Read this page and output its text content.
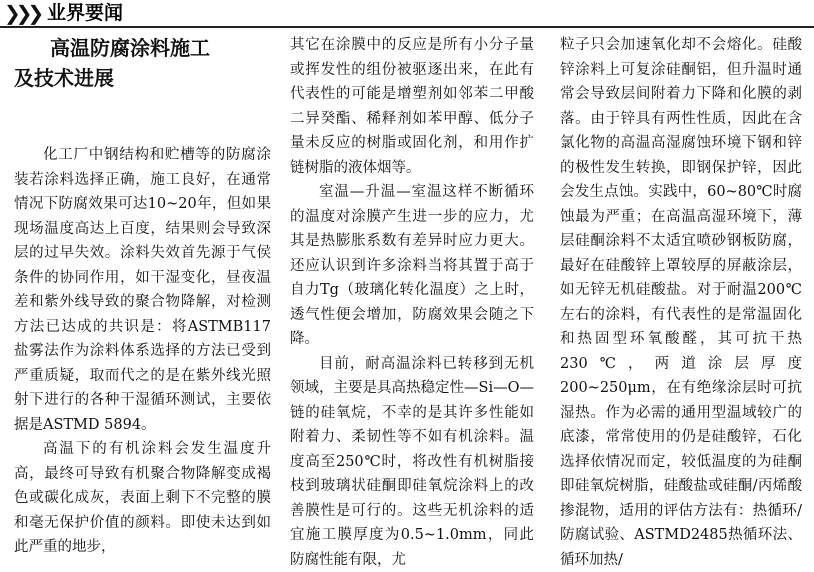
❯❯❯ 业界要闻
高温防腐涂料施工
及技术进展

化工厂中钢结构和贮槽等的防腐涂装若涂料选择正确，施工良好，在通常情况下防腐效果可达10~20年，但如果现场温度高达上百度，结果则会导致深层的过早失效。涂料失效首先源于气侯条件的协同作用，如干湿变化，昼夜温差和紫外线导致的聚合物降解，对检测方法已达成的共识是：将ASTMB117盐雾法作为涂料体系选择的方法已受到严重质疑，取而代之的是在紫外线光照射下进行的各种干湿循环测试，主要依据是ASTMD 5894。

高温下的有机涂料会发生温度升高，最终可导致有机聚合物降解变成褐色或碳化成灰，表面上剩下不完整的膜和毫无保护价值的颜料。即使未达到如此严重的地步，

其它在涂膜中的反应是所有小分子量或挥发性的组份被驱逐出来，在此有代表性的可能是增塑剂如邻苯二甲酸二异癸酯、稀释剂如苯甲醇、低分子量未反应的树脂或固化剂，和用作扩链树脂的液体烟等。

室温—升温—室温这样不断循环的温度对涂膜产生进一步的应力，尤其是热膨胀系数有差异时应力更大。还应认识到许多涂料当将其置于高于自力Tg（玻璃化转化温度）之上时，透气性便会增加，防腐效果会随之下降。

目前，耐高温涂料已转移到无机领域，主要是具高热稳定性—Si—O—链的硅氧烷，不幸的是其许多性能如附着力、柔韧性等不如有机涂料。温度高至250℃时，将改性有机树脂接枝到玻璃状硅酮即硅氧烷涂料上的改善膜性是可行的。这些无机涂料的适宜施工膜厚度为0.5~1.0mm，同此防腐性能有限，尤

粒子只会加速氧化却不会熔化。硅酸锌涂料上可复涂硅酮铝，但升温时通常会导致层间附着力下降和化膜的剥落。由于锌具有两性性质，因此在含氯化物的高温高湿腐蚀环境下钢和锌的极性发生转换，即钢保护锌，因此会发生点蚀。实践中，60~80℃时腐蚀最为严重；在高温高湿环境下，薄层硅酮涂料不太适宜喷砂钢板防腐，最好在硅酸锌上罩较厚的屏蔽涂层，如无锌无机硅酸盐。对于耐温200℃左右的涂料，有代表性的是常温固化和热固型环氧酸醛，其可抗干热230℃，两道涂层厚度200~250μm，在有绝缘涂层时可抗湿热。作为必需的通用型温域较广的底漆，常常使用的仍是硅酸锌，石化选择依情况而定，较低温度的为硅酮即硅氧烷树脂，硅酸盐或硅酮/丙烯酸掺混物，适用的评估方法有：热循环/防腐试验、ASTMD2485热循环法、循环加热/
